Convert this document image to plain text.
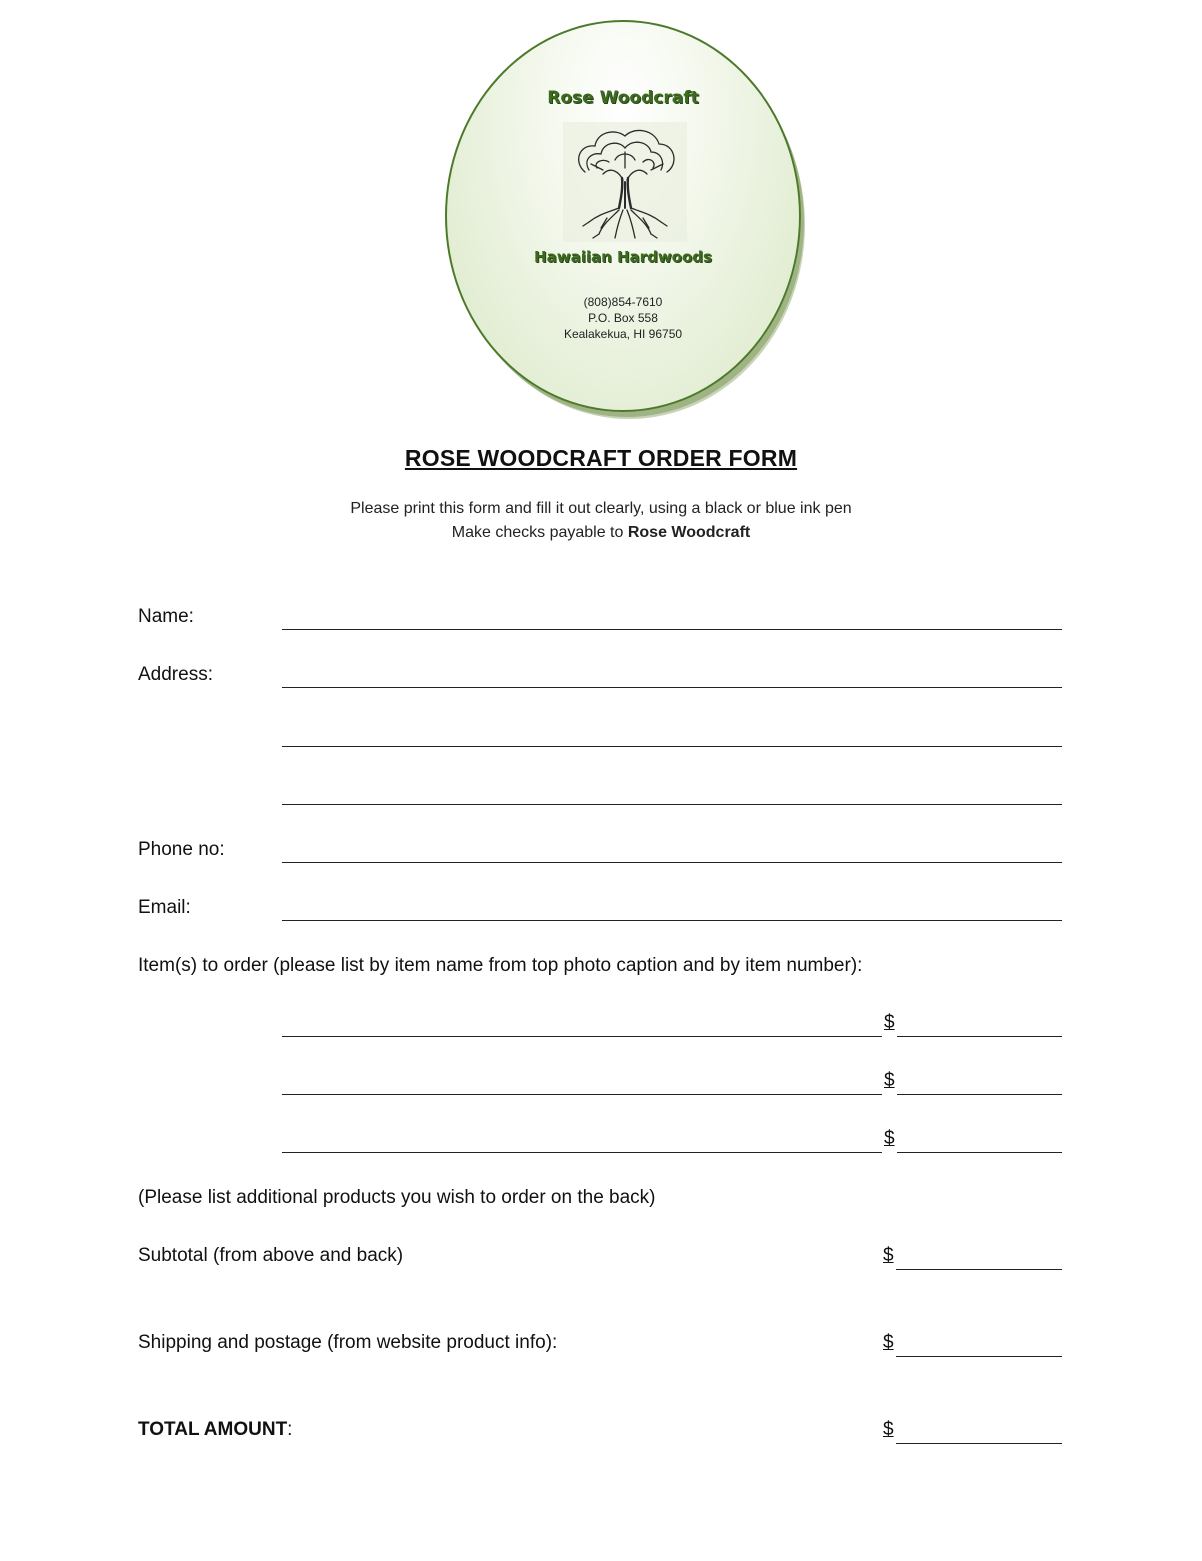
Rose Woodcraft
Hawaiian Hardwoods
(808)854-7610
P.O. Box 558
Kealakekua, HI 96750
ROSE WOODCRAFT ORDER FORM
Please print this form and fill it out clearly, using a black or blue ink pen
Make checks payable to Rose Woodcraft
Name:
Address:
Phone no:
Email:
Item(s) to order (please list by item name from top photo caption and by item number):
$
$
$
(Please list additional products you wish to order on the back)
Subtotal (from above and back)	$
Shipping and postage (from website product info):	$
TOTAL AMOUNT:	$
